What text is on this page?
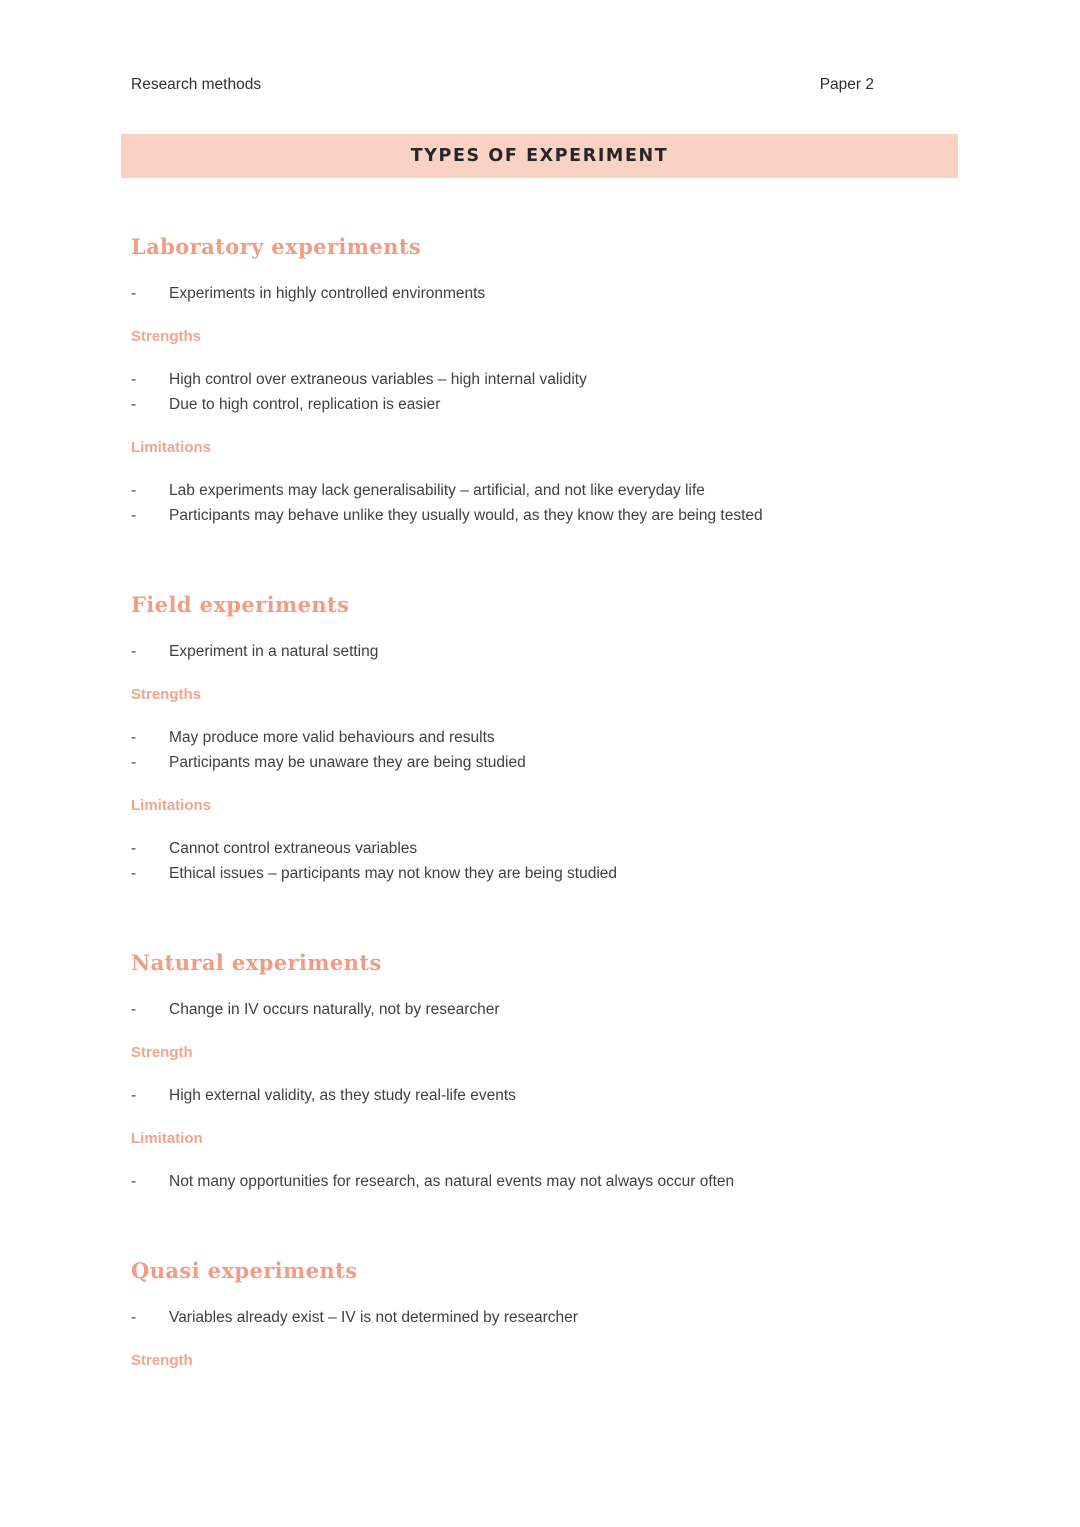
Research methods	Paper 2
TYPES OF EXPERIMENT
Laboratory experiments
-	Experiments in highly controlled environments
Strengths
-	High control over extraneous variables – high internal validity
-	Due to high control, replication is easier
Limitations
-	Lab experiments may lack generalisability – artificial, and not like everyday life
-	Participants may behave unlike they usually would, as they know they are being tested
Field experiments
-	Experiment in a natural setting
Strengths
-	May produce more valid behaviours and results
-	Participants may be unaware they are being studied
Limitations
-	Cannot control extraneous variables
-	Ethical issues – participants may not know they are being studied
Natural experiments
-	Change in IV occurs naturally, not by researcher
Strength
-	High external validity, as they study real-life events
Limitation
-	Not many opportunities for research, as natural events may not always occur often
Quasi experiments
-	Variables already exist – IV is not determined by researcher
Strength
